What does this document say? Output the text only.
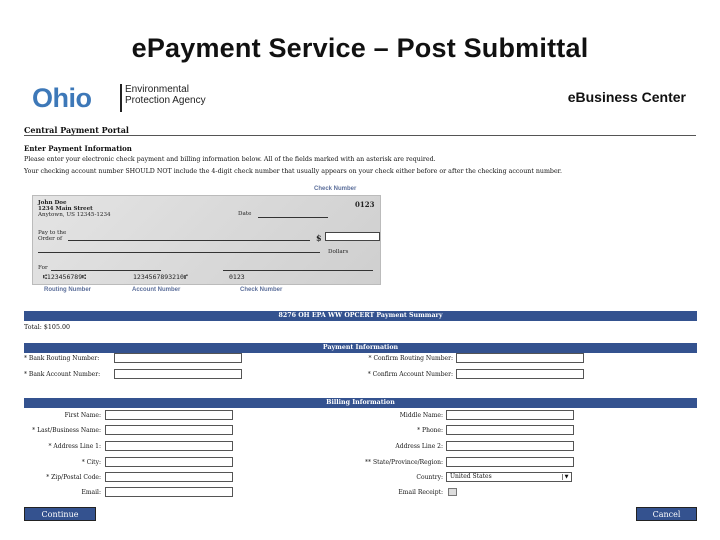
ePayment Service – Post Submittal
Ohio	Environmental
Protection Agency	eBusiness Center
Central Payment Portal
Enter Payment Information
Please enter your electronic check payment and billing information below. All of the fields marked with an asterisk are required.
Your checking account number SHOULD NOT include the 4-digit check number that usually appears on your check either before or after the checking account number.
Check Number
John Doe
1234 Main Street
Anytown, US 12345-1234
0123
Date
Pay to the
Order of	$
Dollars
For
⑆123456789⑆	1234567893210⑈	0123
Routing Number	Account Number	Check Number
8276 OH EPA WW OPCERT Payment Summary
Total: $105.00
Payment Information
* Bank Routing Number:	* Confirm Routing Number:
* Bank Account Number:	* Confirm Account Number:
Billing Information
First Name:	Middle Name:
* Last/Business Name:	* Phone:
* Address Line 1:	Address Line 2:
* City:	** State/Province/Region:
* Zip/Postal Code:	Country:	United States	▼
Email:	Email Receipt:
Continue	Cancel
